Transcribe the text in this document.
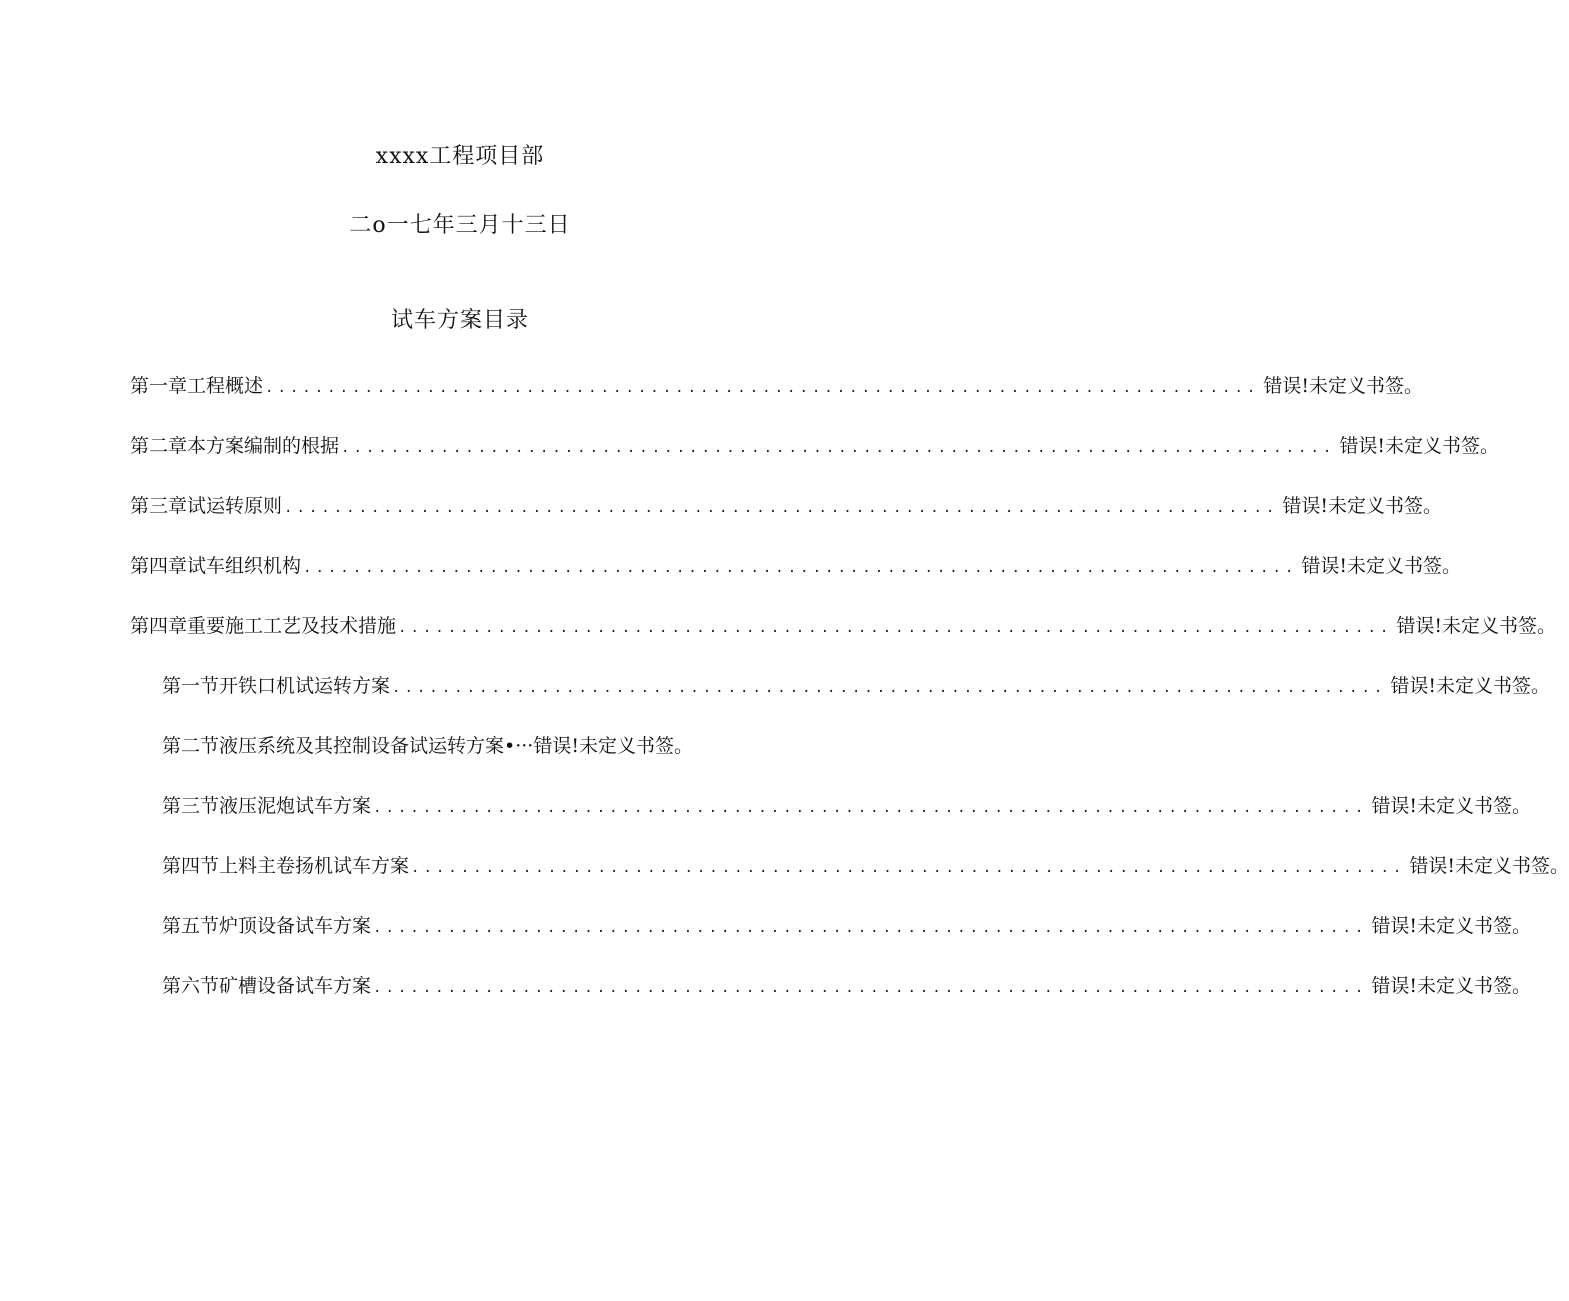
xxxx工程项目部
二o一七年三月十三日
试车方案目录
第一章工程概述 ................................................................................ 错误!未定义书签。
第二章本方案编制的根据 ................................................................................ 错误!未定义书签。
第三章试运转原则 ................................................................................ 错误!未定义书签。
第四章试车组织机构 ................................................................................ 错误!未定义书签。
第四章重要施工工艺及技术措施 ................................................................................ 错误!未定义书签。
第一节开铁口机试运转方案 ................................................................................ 错误!未定义书签。
第二节液压系统及其控制设备试运转方案 •··· 错误!未定义书签。
第三节液压泥炮试车方案 ................................................................................ 错误!未定义书签。
第四节上料主卷扬机试车方案 ................................................................................ 错误!未定义书签。
第五节炉顶设备试车方案 ................................................................................ 错误!未定义书签。
第六节矿槽设备试车方案 ................................................................................ 错误!未定义书签。
